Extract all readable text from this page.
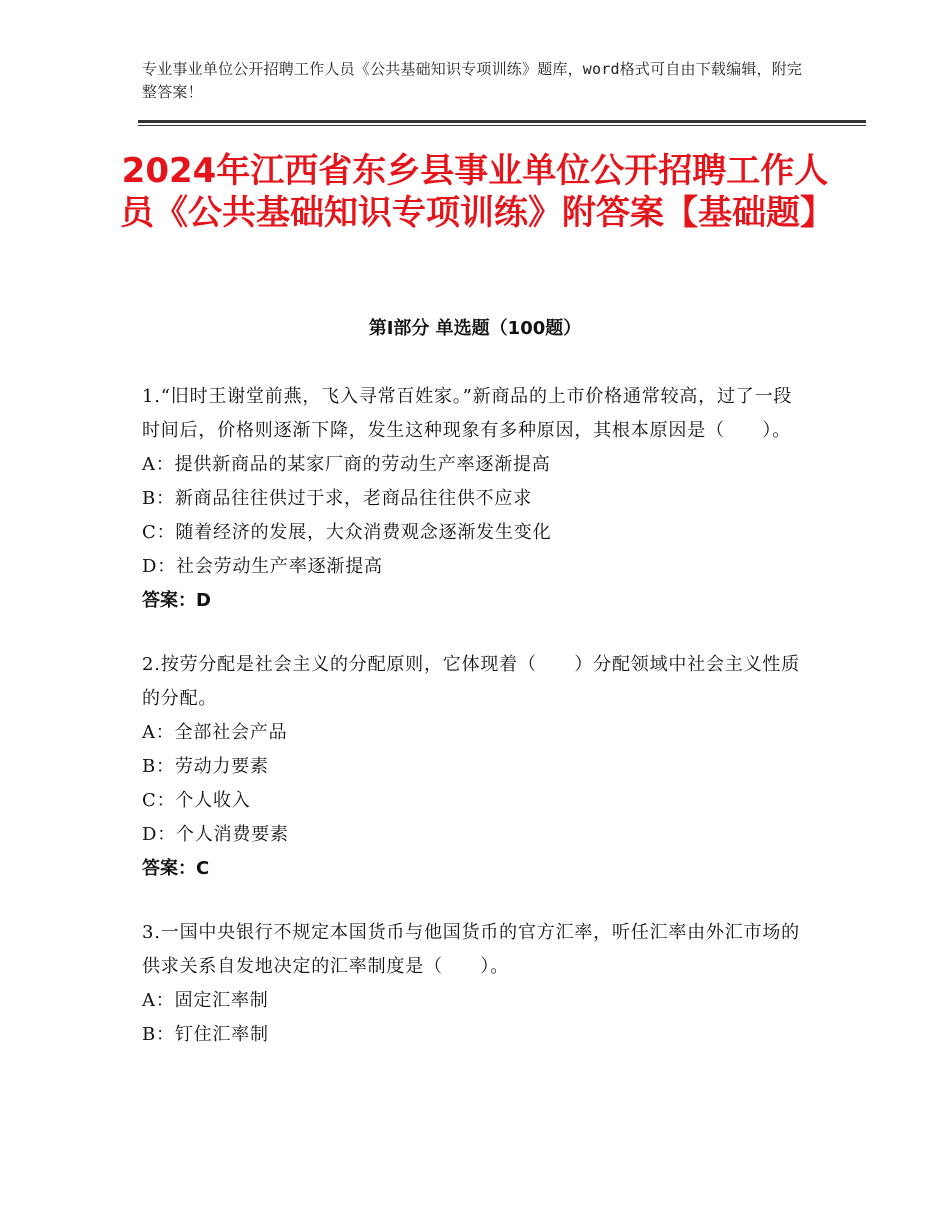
专业事业单位公开招聘工作人员《公共基础知识专项训练》题库，word格式可自由下载编辑，附完整答案！
2024年江西省东乡县事业单位公开招聘工作人员《公共基础知识专项训练》附答案【基础题】
第I部分 单选题（100题）

1.“旧时王谢堂前燕，飞入寻常百姓家。”新商品的上市价格通常较高，过了一段时间后，价格则逐渐下降，发生这种现象有多种原因，其根本原因是（　　）。

A：提供新商品的某家厂商的劳动生产率逐渐提高
B：新商品往往供过于求，老商品往往供不应求
C：随着经济的发展，大众消费观念逐渐发生变化
D：社会劳动生产率逐渐提高
答案：D

2.按劳分配是社会主义的分配原则，它体现着（　　）分配领域中社会主义性质的分配。

A：全部社会产品
B：劳动力要素
C：个人收入
D：个人消费要素
答案：C

3.一国中央银行不规定本国货币与他国货币的官方汇率，听任汇率由外汇市场的供求关系自发地决定的汇率制度是（　　）。

A：固定汇率制
B：钉住汇率制
